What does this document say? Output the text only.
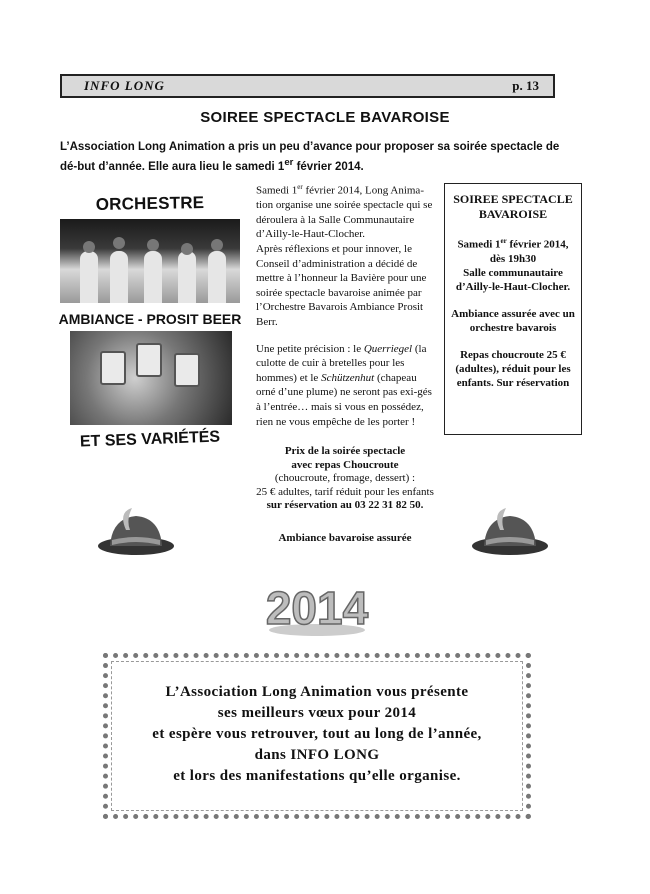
INFO LONG	p. 13
SOIREE SPECTACLE BAVAROISE
L’Association Long Animation a pris un peu d’avance pour proposer sa soirée spectacle de dé-but d’année. Elle aura lieu le samedi 1er février 2014.
ORCHESTRE
AMBIANCE - PROSIT BEER
ET SES VARIÉTÉS

Samedi 1er février 2014, Long Anima-tion organise une soirée spectacle qui se déroulera à la Salle Communautaire d’Ailly-le-Haut-Clocher.
Après réflexions et pour innover, le Conseil d’administration a décidé de mettre à l’honneur la Bavière pour une soirée spectacle bavaroise animée par l’Orchestre Bavarois Ambiance Prosit Berr.

Une petite précision : le Querriegel (la culotte de cuir à bretelles pour les hommes) et le Schützenhut (chapeau orné d’une plume) ne seront pas exi-gés à l’entrée… mais si vous en possédez, rien ne vous empêche de les porter !

SOIREE SPECTACLE BAVAROISE
Samedi 1er février 2014, dès 19h30
Salle communautaire d’Ailly-le-Haut-Clocher.
Ambiance assurée avec un orchestre bavarois
Repas choucroute 25 € (adultes), réduit pour les enfants. Sur réservation
Prix de la soirée spectacle
avec repas Choucroute
(choucroute, fromage, dessert) :
25 € adultes, tarif réduit pour les enfants
sur réservation au 03 22 31 82 50.
Ambiance bavaroise assurée
2014
L’Association Long Animation vous présente
ses meilleurs vœux pour 2014
et espère vous retrouver, tout au long de l’année,
dans INFO LONG
et lors des manifestations qu’elle organise.
